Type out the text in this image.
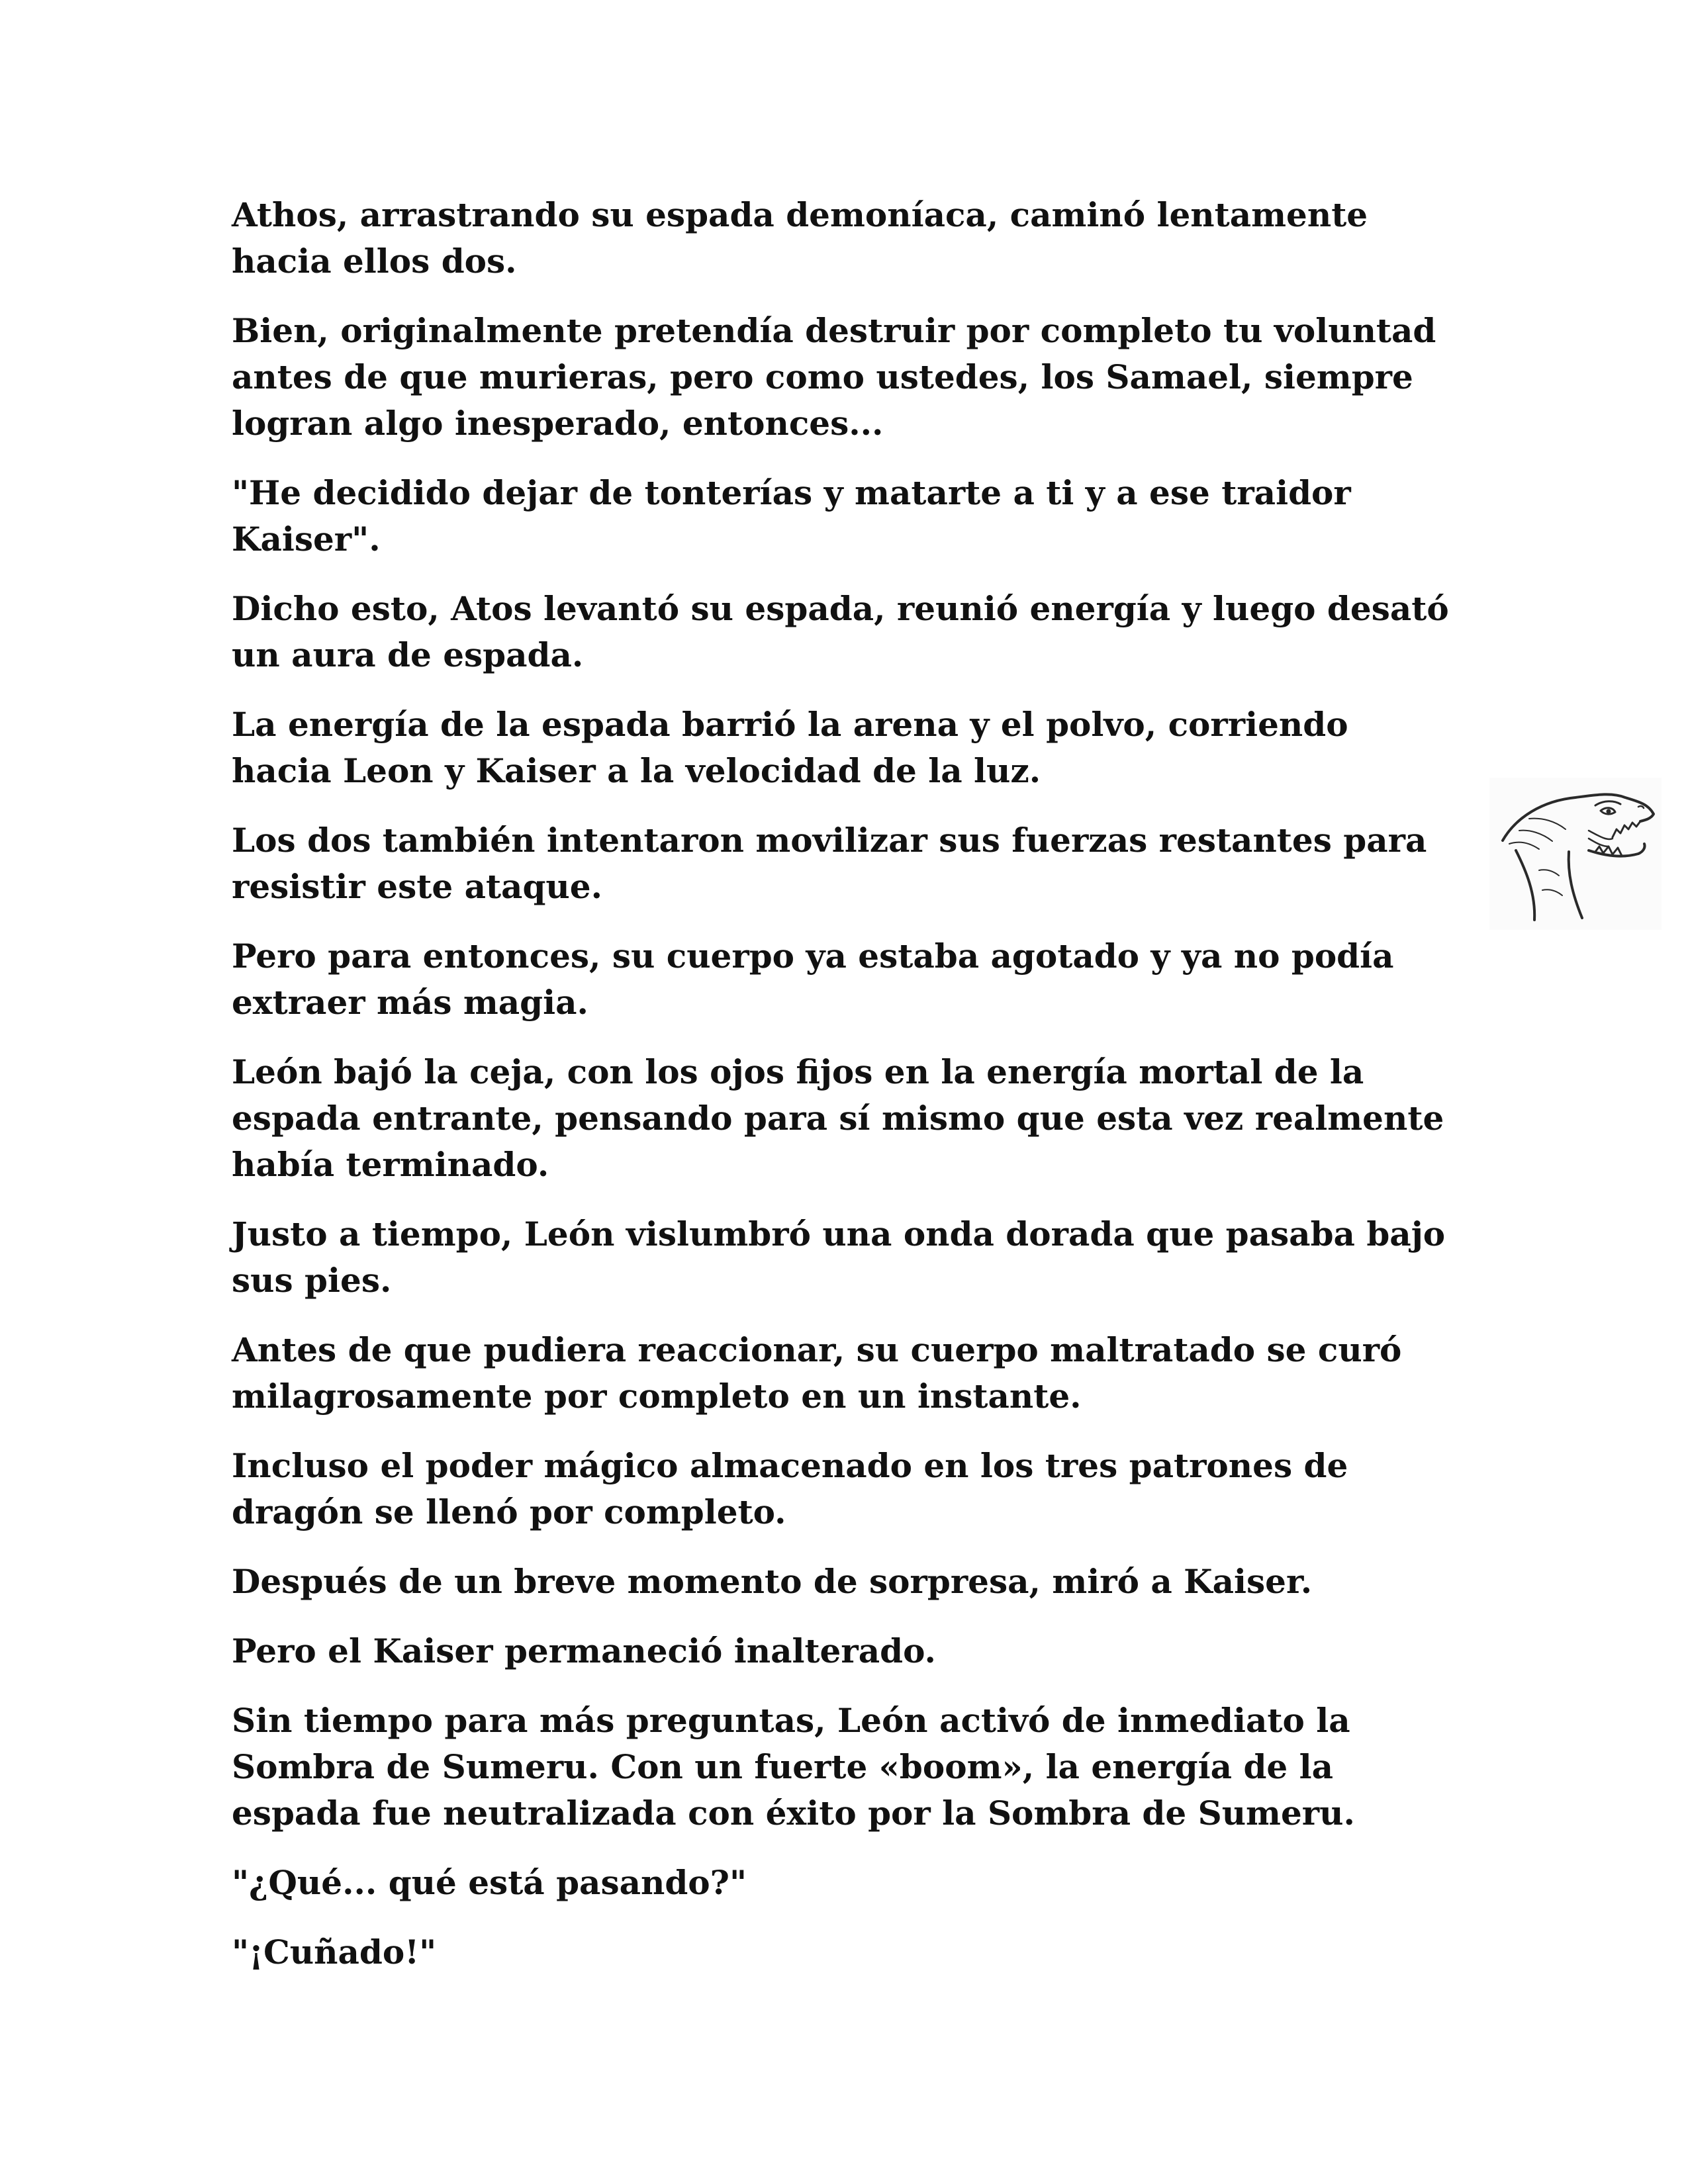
Athos, arrastrando su espada demoníaca, caminó lentamente hacia ellos dos.

Bien, originalmente pretendía destruir por completo tu voluntad antes de que murieras, pero como ustedes, los Samael, siempre logran algo inesperado, entonces...

"He decidido dejar de tonterías y matarte a ti y a ese traidor Kaiser".

Dicho esto, Atos levantó su espada, reunió energía y luego desató un aura de espada.

La energía de la espada barrió la arena y el polvo, corriendo hacia Leon y Kaiser a la velocidad de la luz.

Los dos también intentaron movilizar sus fuerzas restantes para resistir este ataque.

Pero para entonces, su cuerpo ya estaba agotado y ya no podía extraer más magia.

León bajó la ceja, con los ojos fijos en la energía mortal de la espada entrante, pensando para sí mismo que esta vez realmente había terminado.

Justo a tiempo, León vislumbró una onda dorada que pasaba bajo sus pies.

Antes de que pudiera reaccionar, su cuerpo maltratado se curó milagrosamente por completo en un instante.

Incluso el poder mágico almacenado en los tres patrones de dragón se llenó por completo.

Después de un breve momento de sorpresa, miró a Kaiser.

Pero el Kaiser permaneció inalterado.

Sin tiempo para más preguntas, León activó de inmediato la Sombra de Sumeru. Con un fuerte «boom», la energía de la espada fue neutralizada con éxito por la Sombra de Sumeru.

"¿Qué... qué está pasando?"

"¡Cuñado!"
